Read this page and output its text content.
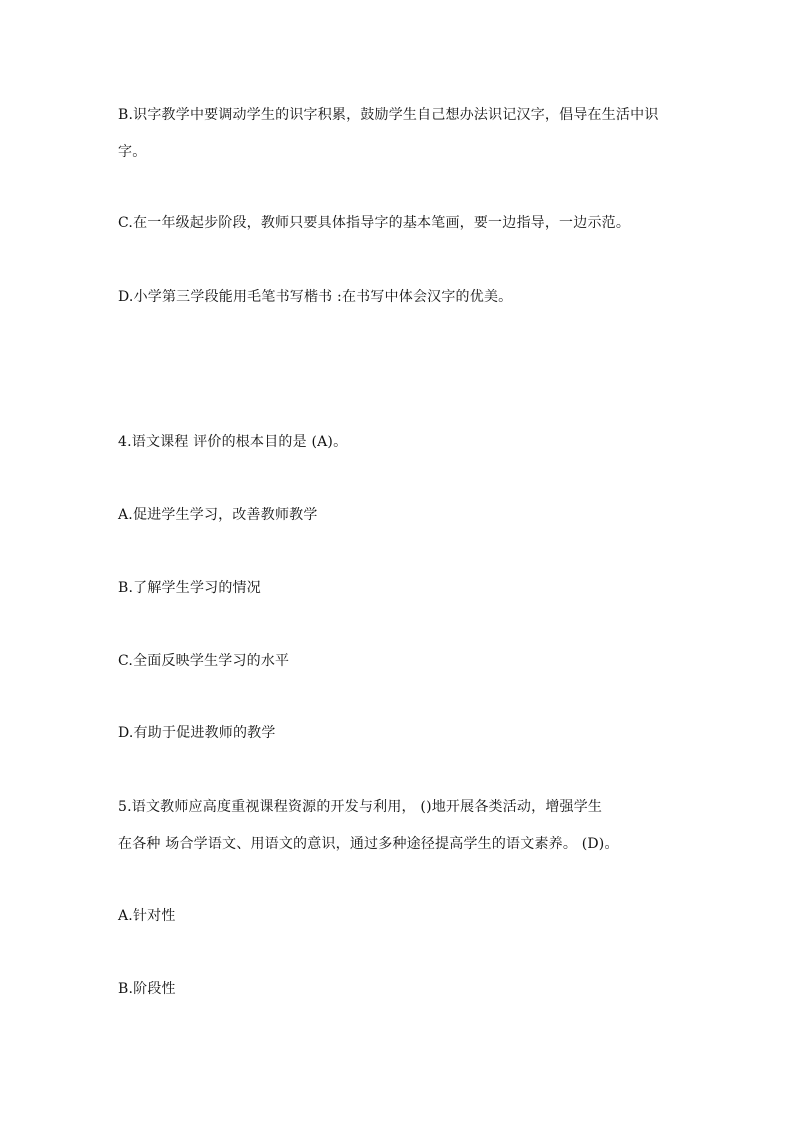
B.识字教学中要调动学生的识字积累，鼓励学生自己想办法识记汉字，倡导在生活中识
字。
C.在一年级起步阶段，教师只要具体指导字的基本笔画，要一边指导，一边示范。
D.小学第三学段能用毛笔书写楷书 :在书写中体会汉字的优美。
4.语文课程 评价的根本目的是 (A)。
A.促进学生学习，改善教师教学
B.了解学生学习的情况
C.全面反映学生学习的水平
D.有助于促进教师的教学
5.语文教师应高度重视课程资源的开发与利用， ()地开展各类活动，增强学生
在各种 场合学语文、用语文的意识，通过多种途径提高学生的语文素养。 (D)。
A.针对性
B.阶段性
